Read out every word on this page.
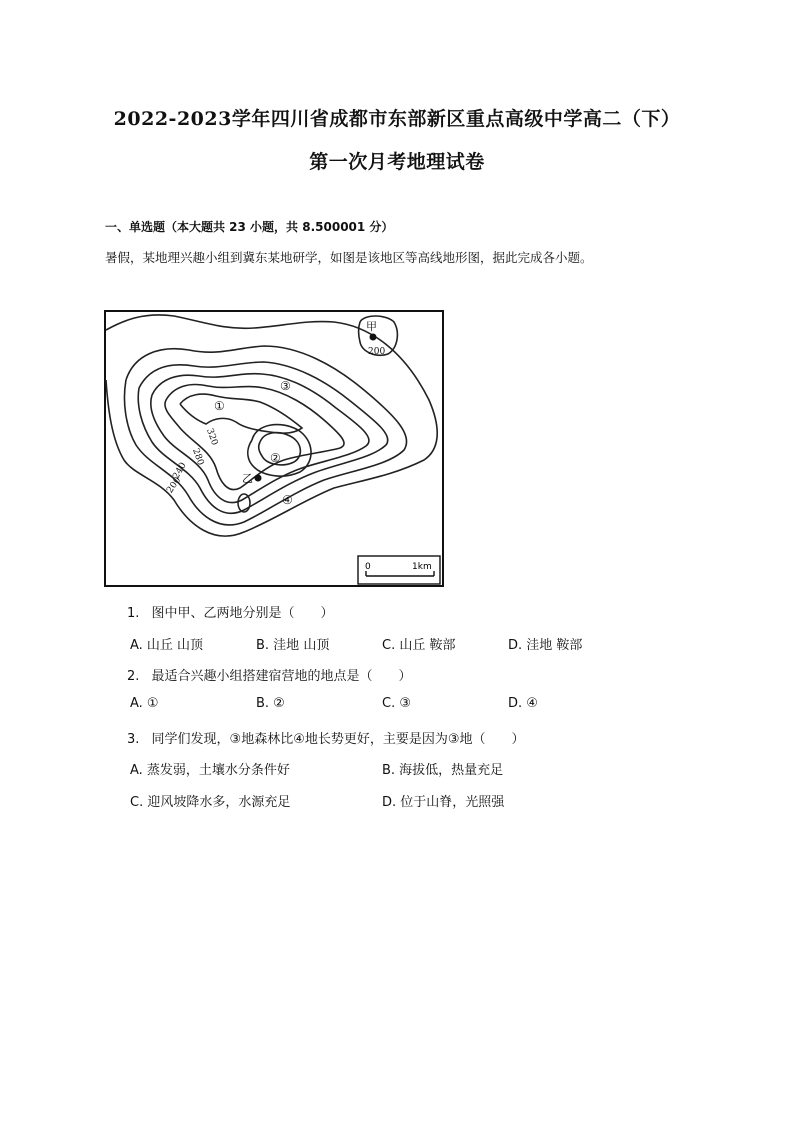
2022-2023学年四川省成都市东部新区重点高级中学高二（下）
第一次月考地理试卷
一、单选题（本大题共 23 小题，共 8.500001 分）
暑假，某地理兴趣小组到冀东某地研学，如图是该地区等高线地形图，据此完成各小题。
甲
乙
200
320
280
240
200
①
②
③
④
0	1km
1. 图中甲、乙两地分别是（　　）
A. 山丘 山顶	B. 洼地 山顶	C. 山丘 鞍部	D. 洼地 鞍部
2. 最适合兴趣小组搭建宿营地的地点是（　　）
A. ①	B. ②	C. ③	D. ④
3. 同学们发现，③地森林比④地长势更好，主要是因为③地（　　）
A. 蒸发弱，土壤水分条件好	B. 海拔低，热量充足
C. 迎风坡降水多，水源充足	D. 位于山脊，光照强
